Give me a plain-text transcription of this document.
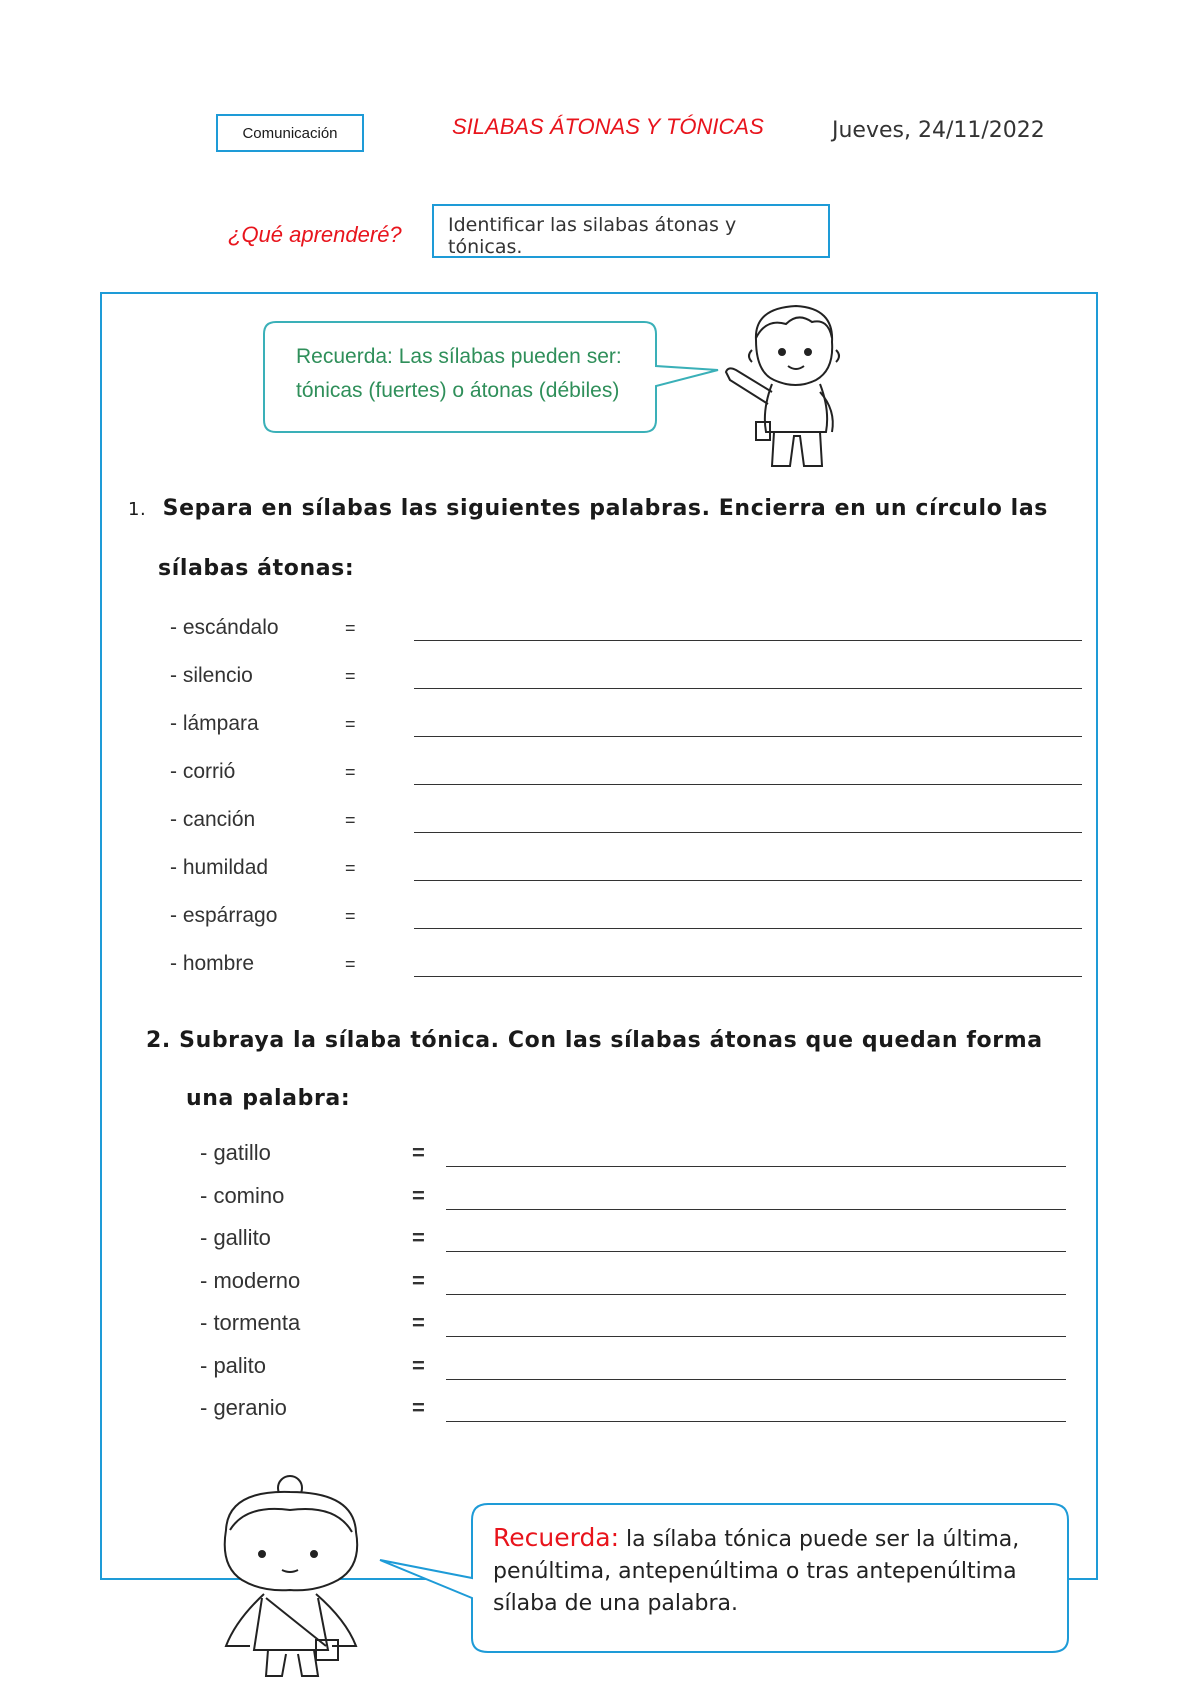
Comunicación	SILABAS ÁTONAS Y TÓNICAS	Jueves, 24/11/2022
¿Qué aprenderé?	Identificar las silabas átonas y tónicas.
Recuerda: Las sílabas pueden ser:
tónicas (fuertes) o átonas (débiles)
1. Separa en sílabas las siguientes palabras. Encierra en un círculo las
sílabas átonas:
- escándalo	=
- silencio	=
- lámpara	=
- corrió	=
- canción	=
- humildad	=
- espárrago	=
- hombre	=
2. Subraya la sílaba tónica. Con las sílabas átonas que quedan forma
una palabra:
- gatillo	=
- comino	=
- gallito	=
- moderno	=
- tormenta	=
- palito	=
- geranio	=
Recuerda: la sílaba tónica puede ser la última, penúltima, antepenúltima o tras antepenúltima sílaba de una palabra.
